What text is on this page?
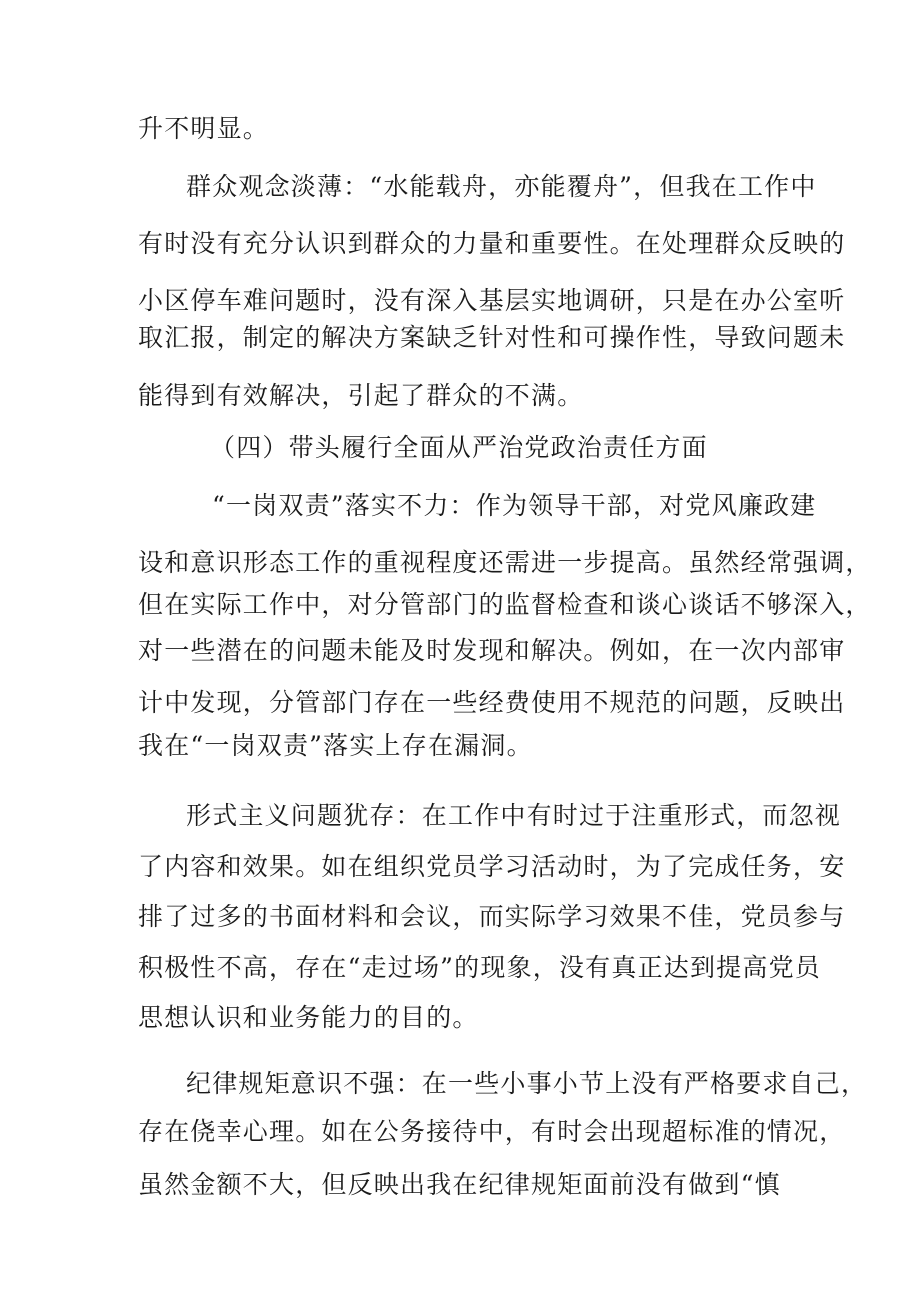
升不明显。
群众观念淡薄：“水能载舟，亦能覆舟”，但我在工作中
有时没有充分认识到群众的力量和重要性。在处理群众反映的
小区停车难问题时，没有深入基层实地调研，只是在办公室听
取汇报，制定的解决方案缺乏针对性和可操作性，导致问题未
能得到有效解决，引起了群众的不满。
（四）带头履行全面从严治党政治责任方面
“一岗双责”落实不力：作为领导干部，对党风廉政建
设和意识形态工作的重视程度还需进一步提高。虽然经常强调，
但在实际工作中，对分管部门的监督检查和谈心谈话不够深入，
对一些潜在的问题未能及时发现和解决。例如，在一次内部审
计中发现，分管部门存在一些经费使用不规范的问题，反映出
我在“一岗双责”落实上存在漏洞。
形式主义问题犹存：在工作中有时过于注重形式，而忽视
了内容和效果。如在组织党员学习活动时，为了完成任务，安
排了过多的书面材料和会议，而实际学习效果不佳，党员参与
积极性不高，存在“走过场”的现象，没有真正达到提高党员
思想认识和业务能力的目的。
纪律规矩意识不强：在一些小事小节上没有严格要求自己，
存在侥幸心理。如在公务接待中，有时会出现超标准的情况，
虽然金额不大，但反映出我在纪律规矩面前没有做到“慎
